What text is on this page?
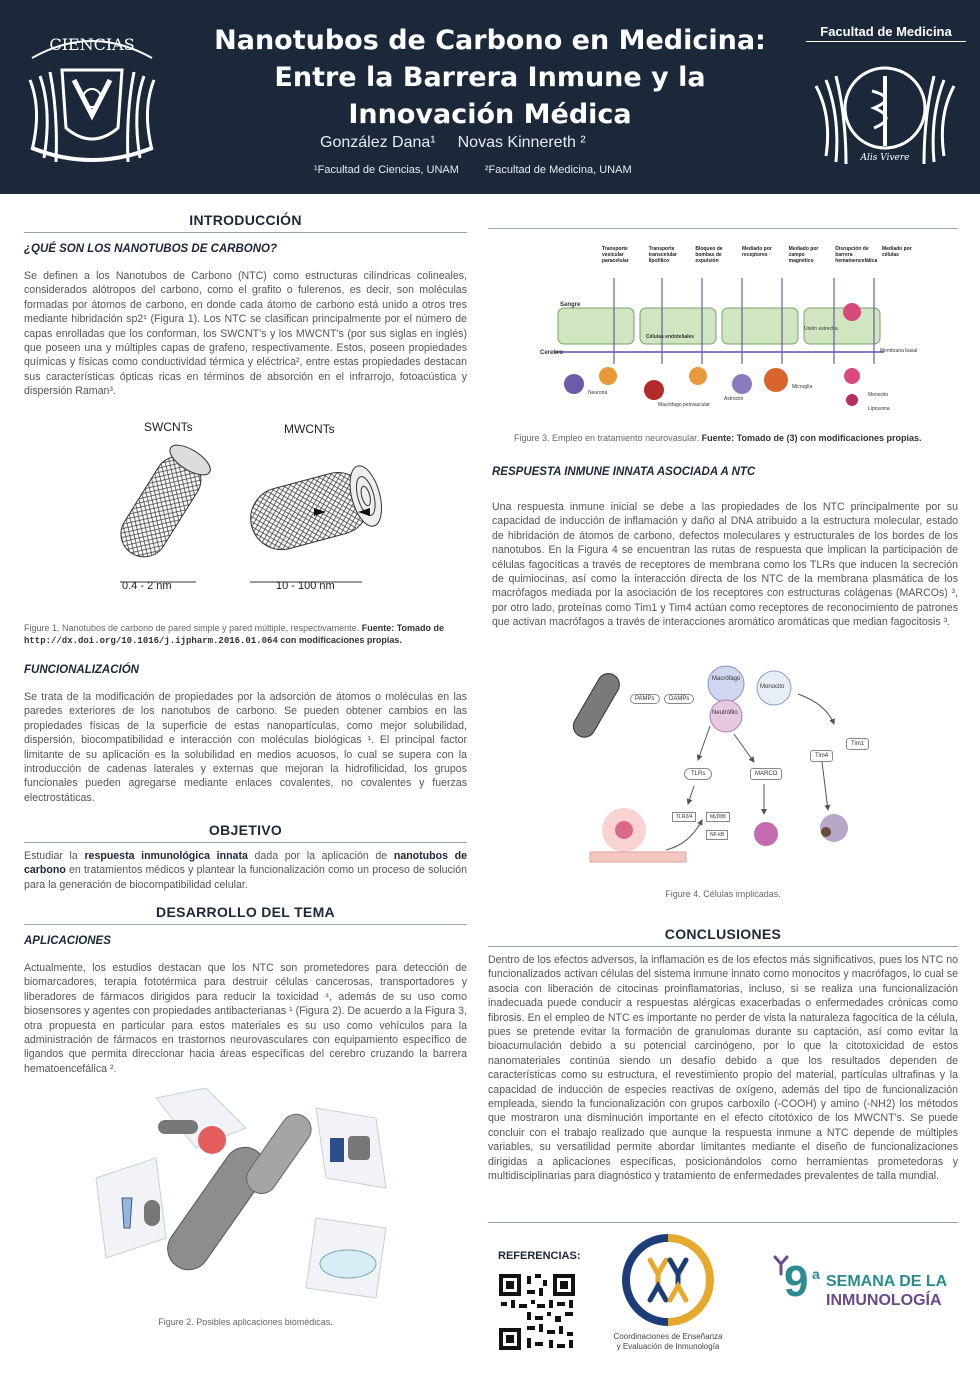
CIENCIAS	Nanotubos de Carbono en Medicina: Entre la Barrera Inmune y la Innovación Médica
González Dana¹ Novas Kinnereth ²
¹Facultad de Ciencias, UNAM ²Facultad de Medicina, UNAM
Facultad de Medicina
Alis Vivere
INTRODUCCIÓN
¿QUÉ SON LOS NANOTUBOS DE CARBONO?

Se definen a los Nanotubos de Carbono (NTC) como estructuras cilíndricas colineales, considerados alótropos del carbono, como el grafito o fulerenos, es decir, son moléculas formadas por átomos de carbono, en donde cada átomo de carbono está unido a otros tres mediante hibridación sp2¹ (Figura 1). Los NTC se clasifican principalmente por el número de capas enrolladas que los conforman, los SWCNT's y los MWCNT's (por sus siglas en inglés) que poseen una y múltiples capas de grafeno, respectivamente. Estos, poseen propiedades químicas y físicas como conductividad térmica y eléctrica², entre estas propiedades destacan sus características ópticas ricas en términos de absorción en el infrarrojo, fotoacústica y dispersión Raman³.

SWCNTs	MWCNTs
0.4 - 2 nm	10 - 100 nm
Figure 1. Nanotubos de carbono de pared simple y pared múltiple, respectivamente. Fuente: Tomado de http://dx.doi.org/10.1016/j.ijpharm.2016.01.064 con modificaciones propias.
FUNCIONALIZACIÓN

Se trata de la modificación de propiedades por la adsorción de átomos o moléculas en las paredes exteriores de los nanotubos de carbono. Se pueden obtener cambios en las propiedades físicas de la superficie de estas nanopartículas, como mejor solubilidad, dispersión, biocompatibilidad e interacción con moléculas biológicas ¹. El principal factor limitante de su aplicación es la solubilidad en medios acuosos, lo cual se supera con la introducción de cadenas laterales y externas que mejoran la hidrofilicidad, los grupos funcionales pueden agregarse mediante enlaces covalentes, no covalentes y fuerzas electrostáticas.

OBJETIVO

Estudiar la respuesta inmunológica innata dada por la aplicación de nanotubos de carbono en tratamientos médicos y plantear la funcionalización como un proceso de solución para la generación de biocompatibilidad celular.

DESARROLLO DEL TEMA
APLICACIONES

Actualmente, los estudios destacan que los NTC son prometedores para detección de biomarcadores, terapia fototérmica para destruir células cancerosas, transportadores y liberadores de fármacos dirigidos para reducir la toxicidad ⁴, además de su uso como biosensores y agentes con propiedades antibacterianas ¹ (Figura 2). De acuerdo a la Figura 3, otra propuesta en particular para estos materiales es su uso como vehículos para la administración de fármacos en trastornos neurovasculares con equipamiento específico de ligandos que permita direccionar hacia áreas específicas del cerebro cruzando la barrera hematoencefálica ².

Figure 2. Posibles aplicaciones biomédicas.
Transporte vesicular paracelular
Transporte transcelular lipofílico
Bloqueo de bombas de expulsión
Mediado por receptores
Mediado por campo magnético
Disrupción de barrera hematoencefálica
Mediado por células
Sangre
Cerebro
Células endoteliales
Unión estrecha
Membrana basal
Neurona
Macrófago perivascular
Astrocito
Microglía
Monocito
Liposoma
Figure 3. Empleo en tratamiento neurovasular. Fuente: Tomado de (3) con modificaciones propias.
RESPUESTA INMUNE INNATA ASOCIADA A NTC

Una respuesta inmune inicial se debe a las propiedades de los NTC principalmente por su capacidad de inducción de inflamación y daño al DNA atribuido a la estructura molecular, estado de hibridación de átomos de carbono, defectos moleculares y estructurales de los bordes de los nanotubos. En la Figura 4 se encuentran las rutas de respuesta que implican la participación de células fagocíticas a través de receptores de membrana como los TLRs que inducen la secreción de quimiocinas, así como la interacción directa de los NTC de la membrana plasmática de los macrófagos mediada por la asociación de los receptores con estructuras colágenas (MARCOs) ³, por otro lado, proteínas como Tim1 y Tim4 actúan como receptores de reconocimiento de patrones que activan macrófagos a través de interacciones aromático aromáticas que median fagocitosis ³.

PAMPs	DAMPs
Macrófago
Monocito
Neutrófilo
TLRs	MARCO
Tim4
Tim1
TLR2/4	MyD88
NF-kB
Figure 4. Células implicadas.
CONCLUSIONES

Dentro de los efectos adversos, la inflamación es de los efectos más significativos, pues los NTC no funcionalizados activan células del sistema inmune innato como monocitos y macrófagos, lo cual se asocia con liberación de citocinas proinflamatorias, incluso, si se realiza una funcionalización inadecuada puede conducir a respuestas alérgicas exacerbadas o enfermedades crónicas como fibrosis. En el empleo de NTC es importante no perder de vista la naturaleza fagocítica de la célula, pues se pretende evitar la formación de granulomas durante su captación, así como evitar la bioacumulación debido a su potencial carcinógeno, por lo que la citotoxicidad de estos nanomateriales continúa siendo un desafío debido a que los resultados dependen de características como su estructura, el revestimiento propio del material, partículas ultrafinas y la capacidad de inducción de especies reactivas de oxígeno, además del tipo de funcionalización empleada, siendo la funcionalización con grupos carboxilo (-COOH) y amino (-NH2) los métodos que mostraron una disminución importante en el efecto citotóxico de los MWCNT's. Se puede concluir con el trabajo realizado que aunque la respuesta inmune a NTC depende de múltiples variables, su versatilidad permite abordar limitantes mediante el diseño de funcionalizaciones dirigidas a aplicaciones específicas, posicionándolos como herramientas prometedoras y multidisciplinarias para diagnóstico y tratamiento de enfermedades prevalentes de talla mundial.

REFERENCIAS:
Coordinaciones de Enseñanza
y Evaluación de Inmunología
9 a SEMANA DE LA
INMUNOLOGÍA
